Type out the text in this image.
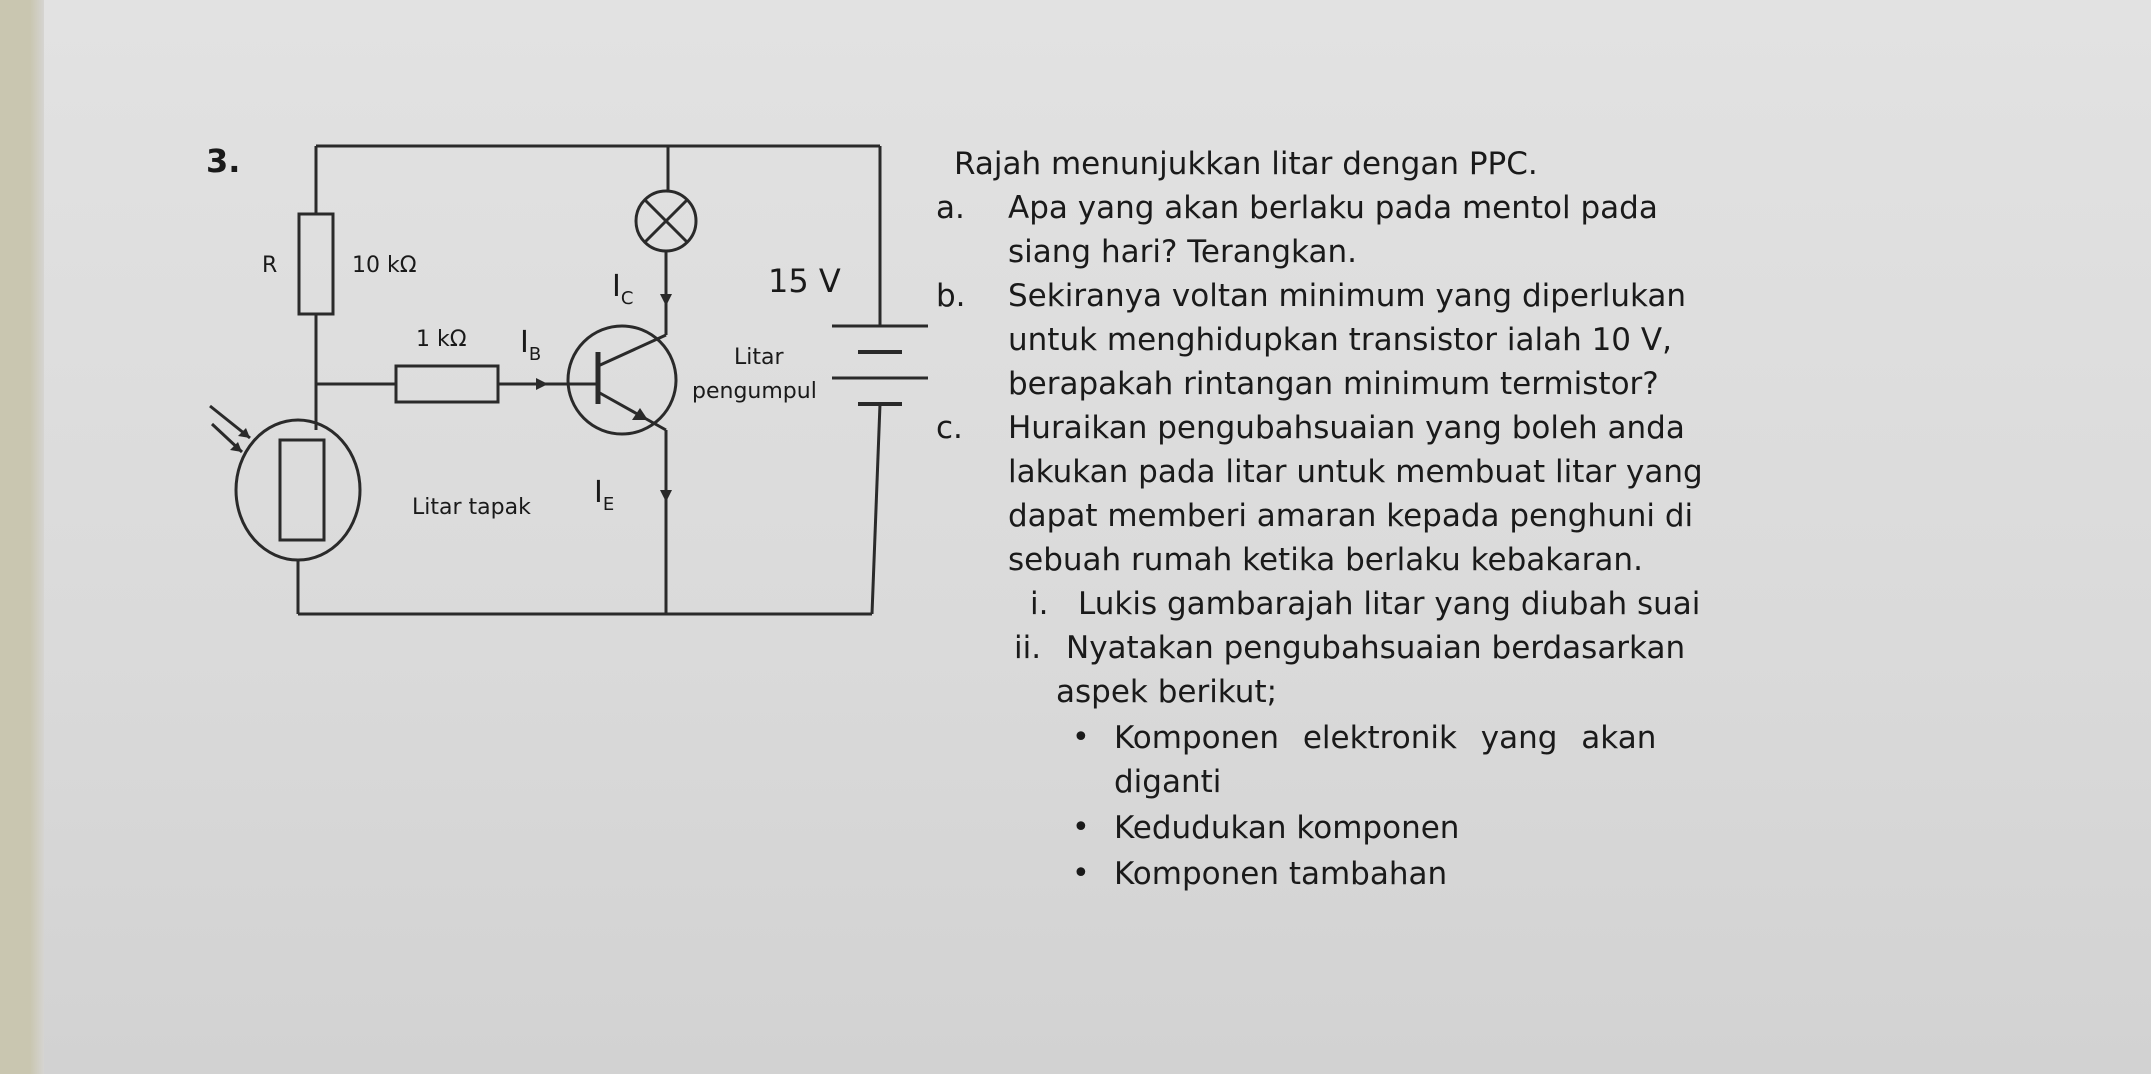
3.
R	10 kΩ
1 kΩ
$I_C$
$I_B$
$I_E$
15 V
Litar
pengumpul
Litar tapak
Rajah menunjukkan litar dengan PPC.
a. Apa yang akan berlaku pada mentol pada
siang hari? Terangkan.
b. Sekiranya voltan minimum yang diperlukan
untuk menghidupkan transistor ialah 10 V,
berapakah rintangan minimum termistor?
c. Huraikan pengubahsuaian yang boleh anda
lakukan pada litar untuk membuat litar yang
dapat memberi amaran kepada penghuni di
sebuah rumah ketika berlaku kebakaran.
i. Lukis gambarajah litar yang diubah suai
ii. Nyatakan pengubahsuaian berdasarkan
aspek berikut;
• Komponen elektronik yang akan
diganti
• Kedudukan komponen
• Komponen tambahan
